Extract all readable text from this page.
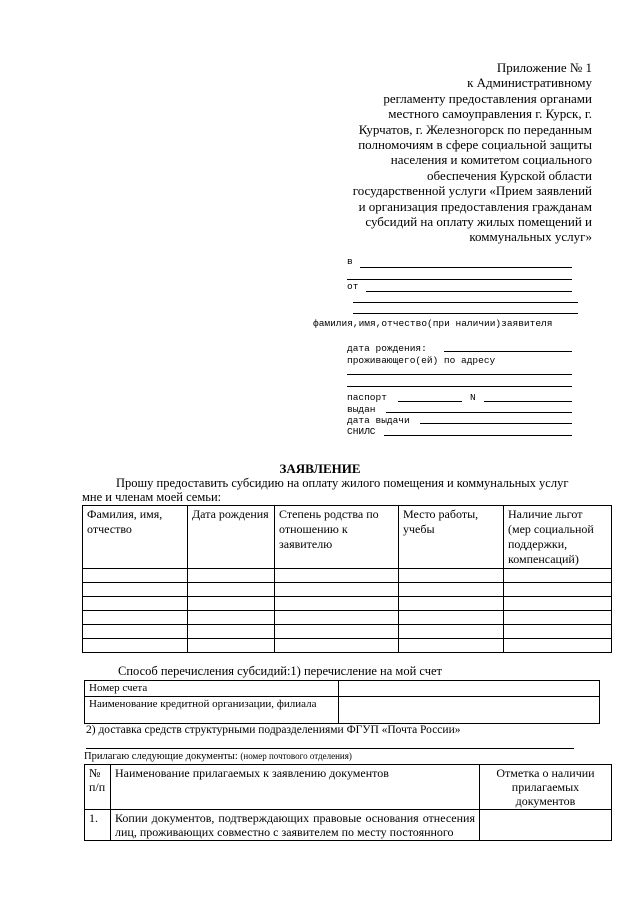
Приложение № 1
к Административному
регламенту предоставления органами
местного самоуправления г. Курск, г.
Курчатов, г. Железногорск по переданным
полномочиям в сфере социальной защиты
населения и комитетом социального
обеспечения Курской области
государственной услуги «Прием заявлений
и организация предоставления гражданам
субсидий на оплату жилых помещений и
коммунальных услуг»
в
от
фамилия,имя,отчество(при наличии)заявителя
дата рождения:
проживающего(ей) по адресу
паспорт	N
выдан
дата выдачи
СНИЛС
ЗАЯВЛЕНИЕ
Прошу предоставить субсидию на оплату жилого помещения и коммунальных услуг
мне и членам моей семьи:
Фамилия, имя, отчество	Дата рождения	Степень родства по отношению к заявителю	Место работы, учебы	Наличие льгот (мер социальной поддержки, компенсаций)

Способ перечисления субсидий:1) перечисление на мой счет
Номер счета	
Наименование кредитной организации, филиала	
2) доставка средств структурными подразделениями ФГУП «Почта России»
Прилагаю следующие документы: (номер почтового отделения)
№ п/п	Наименование прилагаемых к заявлению документов	Отметка о наличии прилагаемых документов
1.	Копии документов, подтверждающих правовые основания отнесения лиц, проживающих совместно с заявителем по месту постоянного	
